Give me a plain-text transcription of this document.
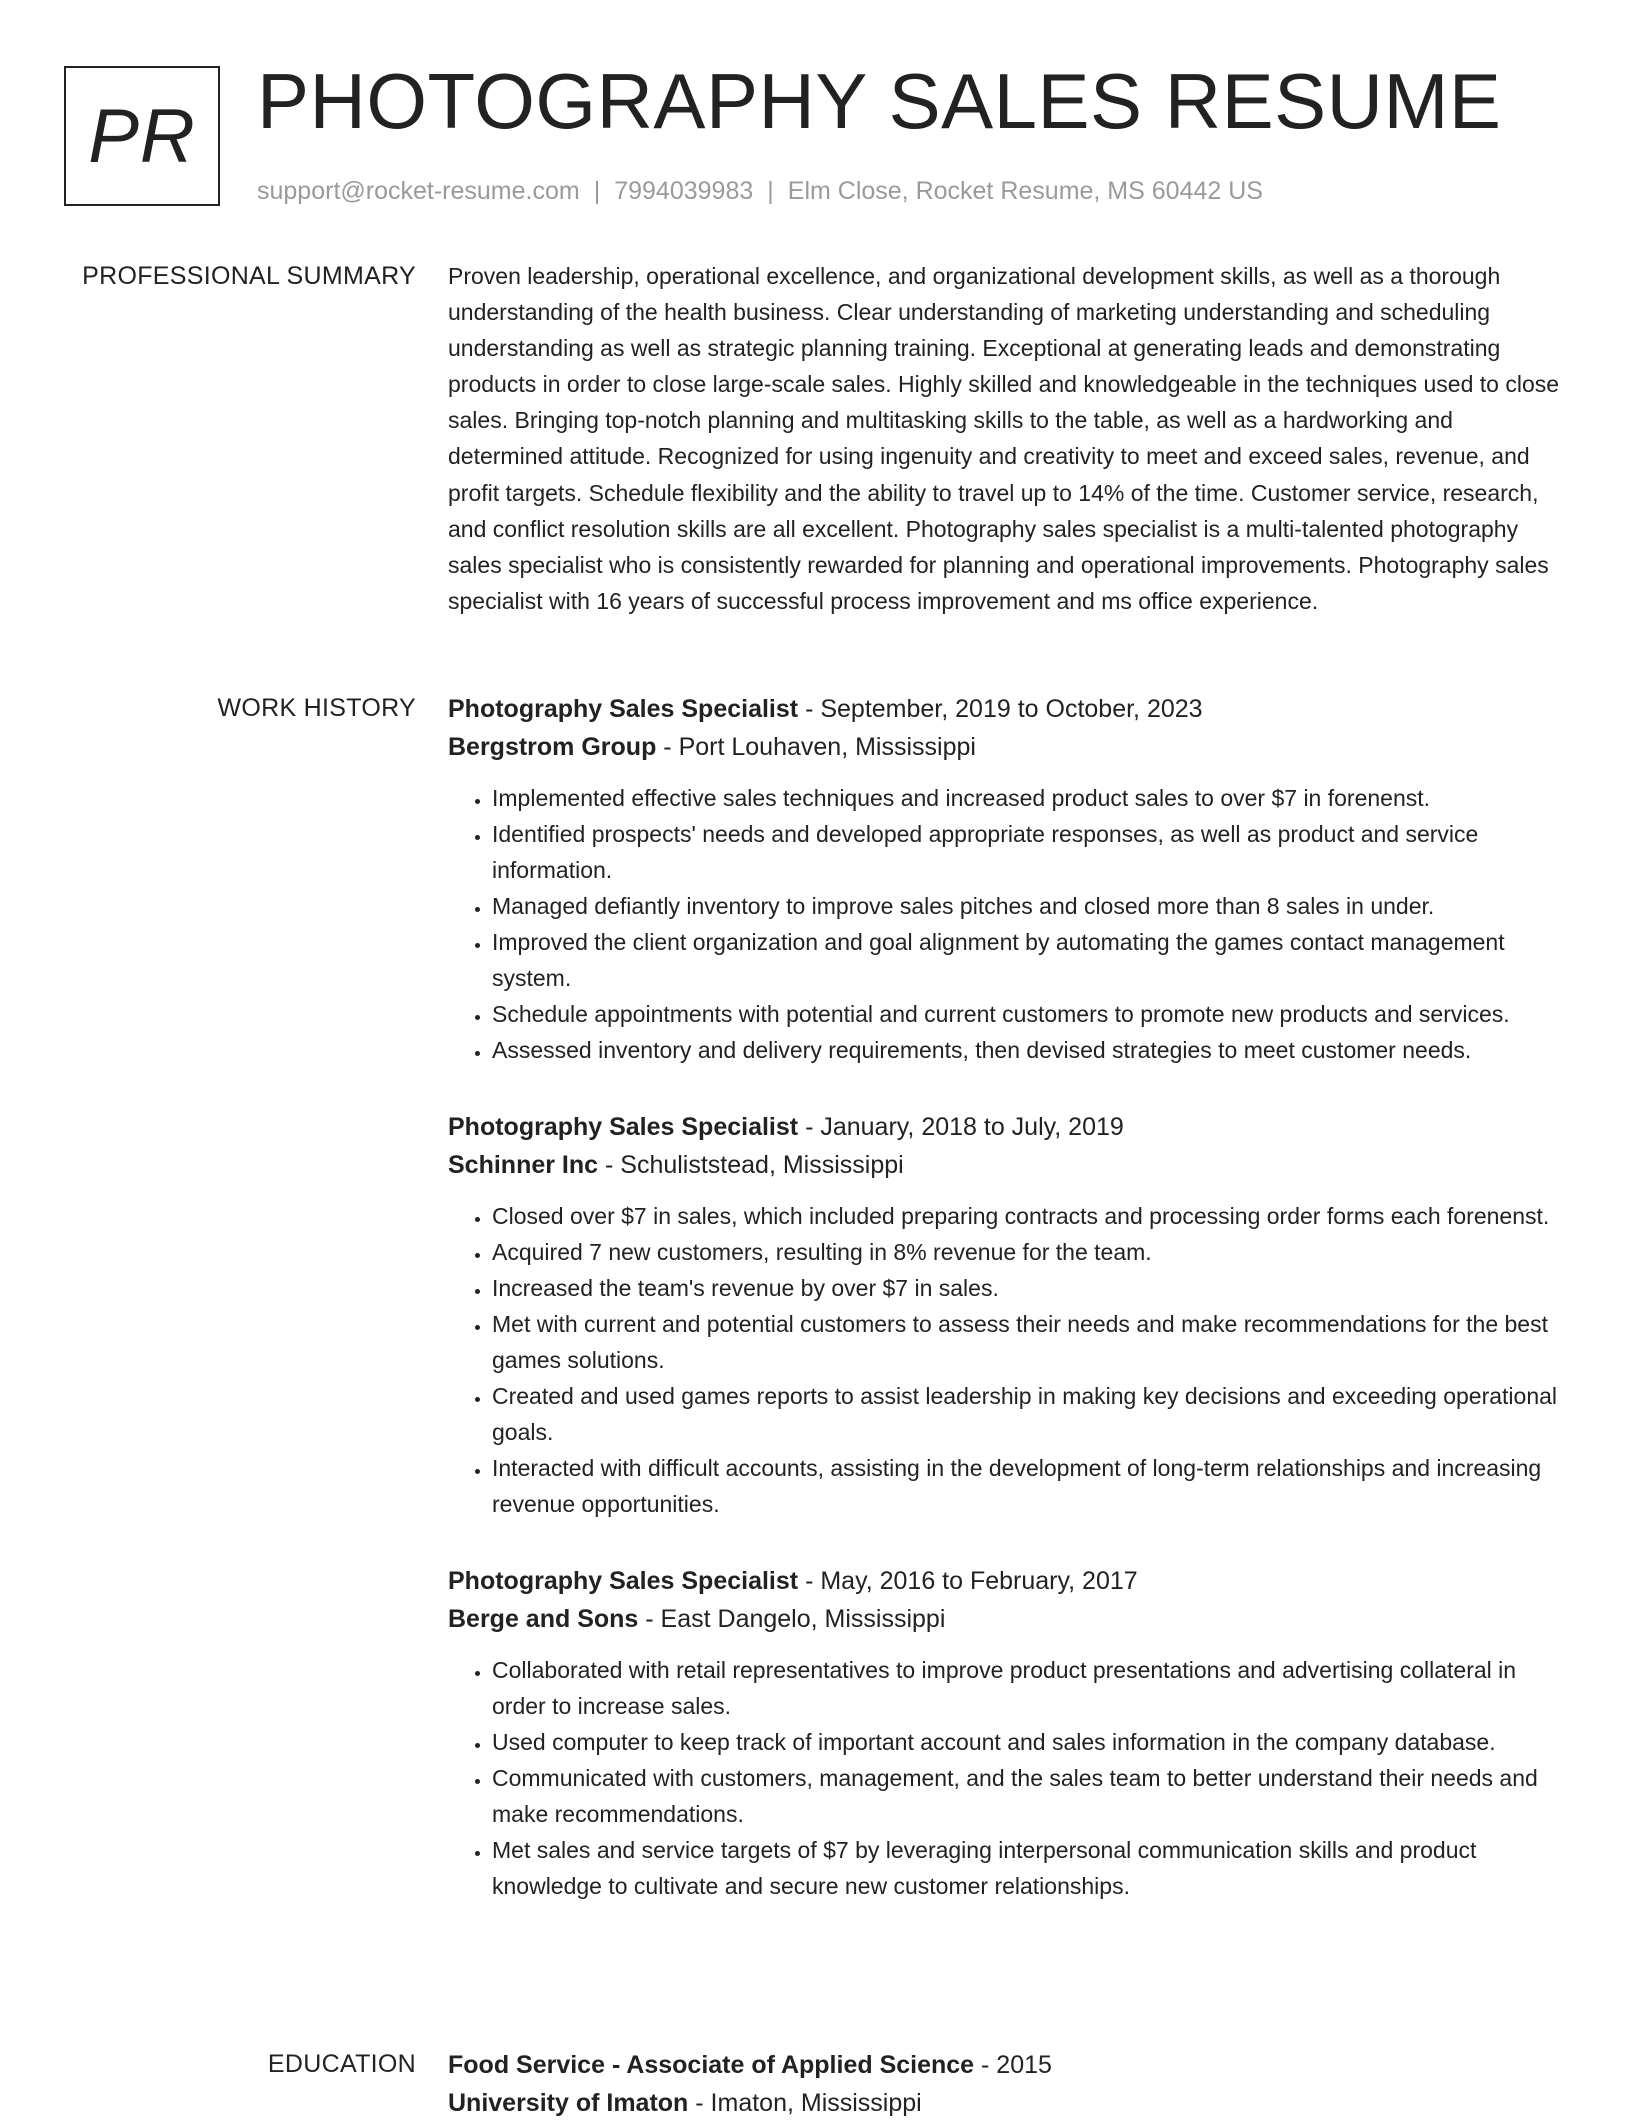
PR PHOTOGRAPHY SALES RESUME
support@rocket-resume.com | 7994039983 | Elm Close, Rocket Resume, MS 60442 US
PROFESSIONAL SUMMARY Proven leadership, operational excellence, and organizational development skills, as well as a thorough understanding of the health business. Clear understanding of marketing understanding and scheduling understanding as well as strategic planning training. Exceptional at generating leads and demonstrating products in order to close large-scale sales. Highly skilled and knowledgeable in the techniques used to close sales. Bringing top-notch planning and multitasking skills to the table, as well as a hardworking and determined attitude. Recognized for using ingenuity and creativity to meet and exceed sales, revenue, and profit targets. Schedule flexibility and the ability to travel up to 14% of the time. Customer service, research, and conflict resolution skills are all excellent. Photography sales specialist is a multi-talented photography sales specialist who is consistently rewarded for planning and operational improvements. Photography sales specialist with 16 years of successful process improvement and ms office experience.

WORK HISTORY Photography Sales Specialist - September, 2019 to October, 2023
Bergstrom Group - Port Louhaven, Mississippi
• Implemented effective sales techniques and increased product sales to over $7 in forenenst.
• Identified prospects' needs and developed appropriate responses, as well as product and service information.
• Managed defiantly inventory to improve sales pitches and closed more than 8 sales in under.
• Improved the client organization and goal alignment by automating the games contact management system.
• Schedule appointments with potential and current customers to promote new products and services.
• Assessed inventory and delivery requirements, then devised strategies to meet customer needs.
Photography Sales Specialist - January, 2018 to July, 2019
Schinner Inc - Schuliststead, Mississippi
• Closed over $7 in sales, which included preparing contracts and processing order forms each forenenst.
• Acquired 7 new customers, resulting in 8% revenue for the team.
• Increased the team's revenue by over $7 in sales.
• Met with current and potential customers to assess their needs and make recommendations for the best games solutions.
• Created and used games reports to assist leadership in making key decisions and exceeding operational goals.
• Interacted with difficult accounts, assisting in the development of long-term relationships and increasing revenue opportunities.
Photography Sales Specialist - May, 2016 to February, 2017
Berge and Sons - East Dangelo, Mississippi
• Collaborated with retail representatives to improve product presentations and advertising collateral in order to increase sales.
• Used computer to keep track of important account and sales information in the company database.
• Communicated with customers, management, and the sales team to better understand their needs and make recommendations.
• Met sales and service targets of $7 by leveraging interpersonal communication skills and product knowledge to cultivate and secure new customer relationships.
EDUCATION Food Service - Associate of Applied Science - 2015
University of Imaton - Imaton, Mississippi
